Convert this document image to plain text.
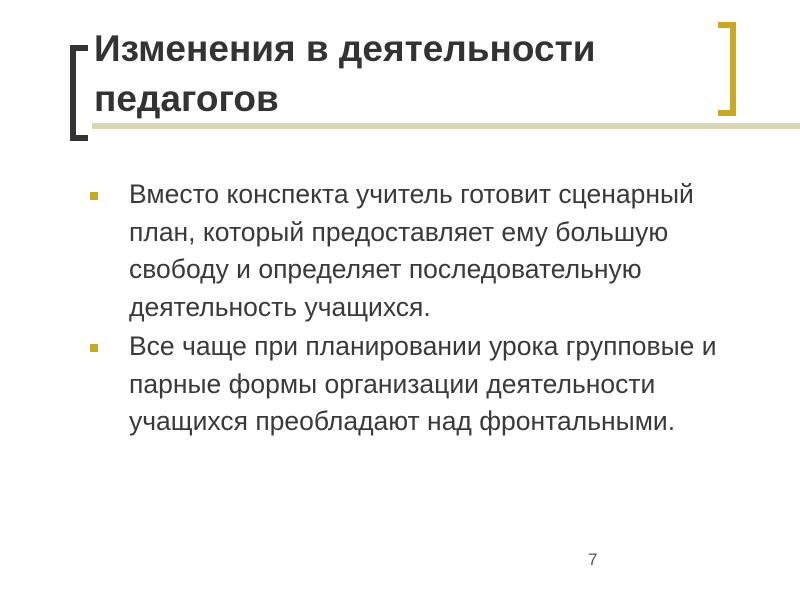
Изменения в деятельности педагогов
Вместо конспекта учитель готовит сценарный план, который предоставляет ему большую свободу и определяет последовательную деятельность учащихся.
Все чаще при планировании урока групповые и парные формы организации деятельности учащихся преобладают над фронтальными.
7
